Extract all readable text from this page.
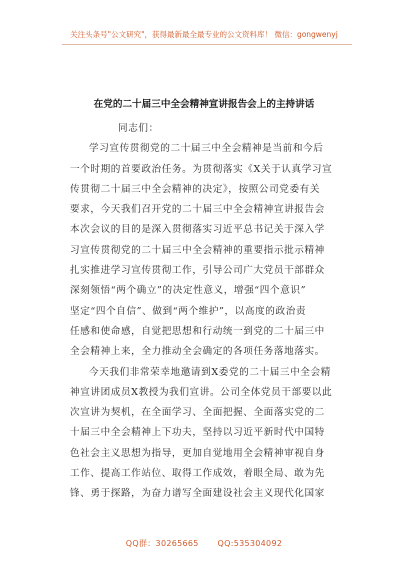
关注头条号"公文研究"，获得最新最全最专业的公文资料库！ 微信：gongwenyj
在党的二十届三中全会精神宣讲报告会上的主持讲话

同志们：

学习宣传贯彻党的二十届三中全会精神是当前和今后
一个时期的首要政治任务。为贯彻落实《X关于认真学习宣
传贯彻二十届三中全会精神的决定》，按照公司党委有关
要求，今天我们召开党的二十届三中全会精神宣讲报告会
本次会议的目的是深入贯彻落实习近平总书记关于深入学
习宣传贯彻党的二十届三中全会精神的重要指示批示精神
扎实推进学习宣传贯彻工作，引导公司广大党员干部群众
深刻领悟“两个确立”的决定性意义，增强“四个意识”
坚定“四个自信”、做到“两个维护”，以高度的政治责
任感和使命感，自觉把思想和行动统一到党的二十届三中
全会精神上来，全力推动全会确定的各项任务落地落实。
今天我们非常荣幸地邀请到X委党的二十届三中全会精
神宣讲团成员X教授为我们宣讲。公司全体党员干部要以此
次宣讲为契机，在全面学习、全面把握、全面落实党的二
十届三中全会精神上下功夫，坚持以习近平新时代中国特
色社会主义思想为指导，更加自觉地用全会精神审视自身
工作、提高工作站位、取得工作成效，着眼全局、敢为先
锋、勇于探路，为奋力谱写全面建设社会主义现代化国家
QQ群：30265665 QQ:535304092
